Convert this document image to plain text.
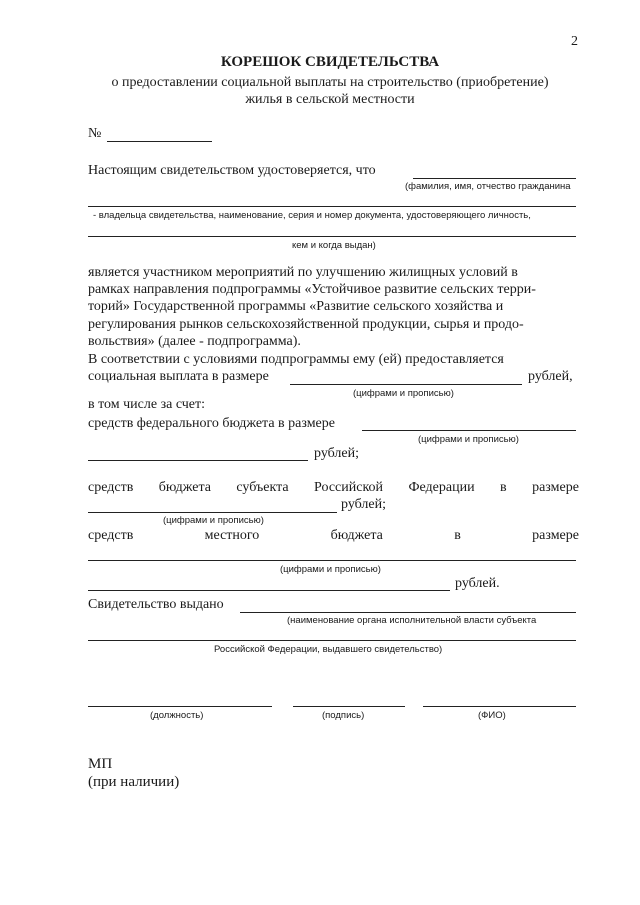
2
КОРЕШОК СВИДЕТЕЛЬСТВА
о предоставлении социальной выплаты на строительство (приобретение)
жилья в сельской местности
№
Настоящим свидетельством удостоверяется, что
(фамилия, имя, отчество гражданина
- владельца свидетельства, наименование, серия и номер документа, удостоверяющего личность,
кем и когда выдан)
является участником мероприятий по улучшению жилищных условий в
рамках направления подпрограммы «Устойчивое развитие сельских терри-
торий» Государственной программы «Развитие сельского хозяйства и
регулирования рынков сельскохозяйственной продукции, сырья и продо-
вольствия» (далее - подпрограмма).
В соответствии с условиями подпрограммы ему (ей) предоставляется
социальная выплата в размере	рублей,
(цифрами и прописью)
в том числе за счет:
средств федерального бюджета в размере
(цифрами и прописью)
рублей;
средств бюджета субъекта Российской Федерации в размере
рублей;
(цифрами и прописью)
средств	местного	бюджета	в	размере
(цифрами и прописью)
рублей.
Свидетельство выдано
(наименование органа исполнительной власти субъекта
Российской Федерации, выдавшего свидетельство)
(должность)	(подпись)	(ФИО)
МП
(при наличии)
